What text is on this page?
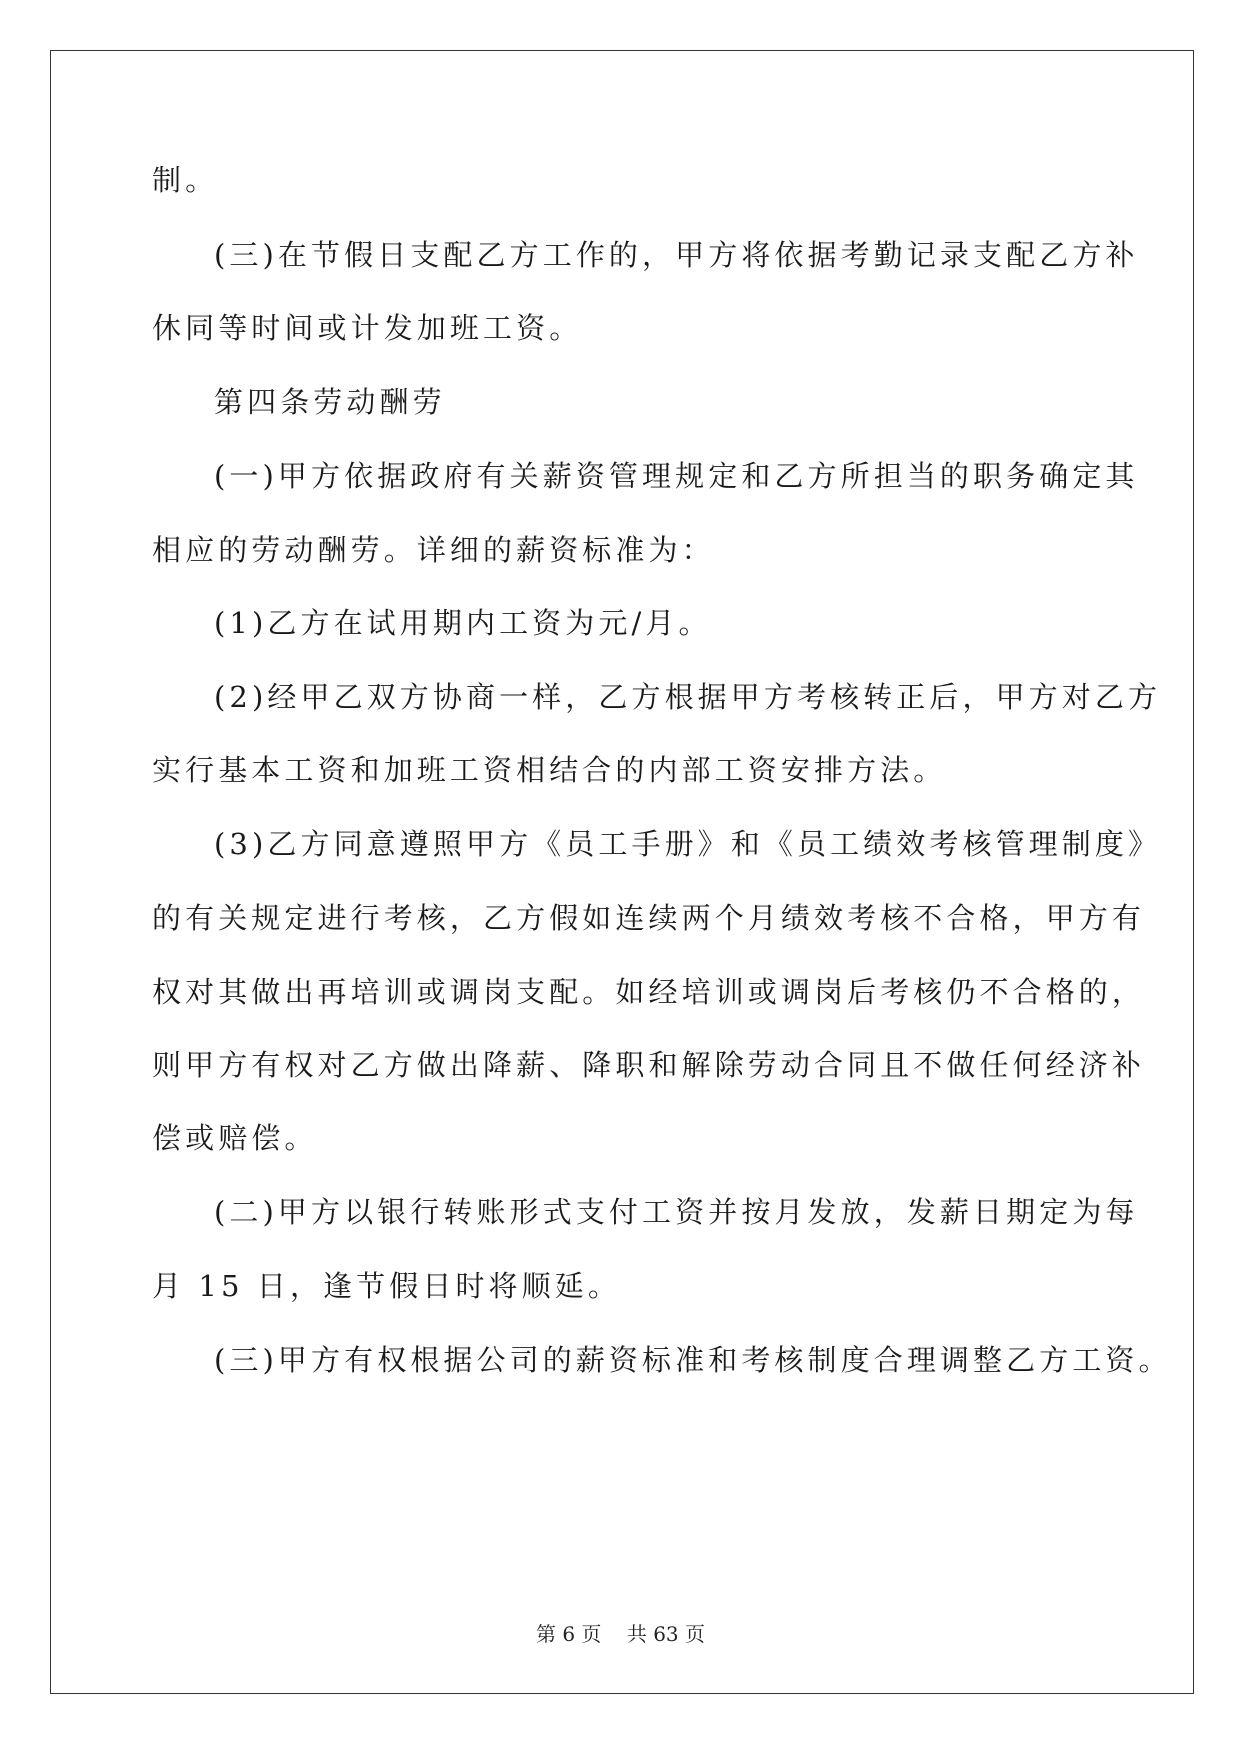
制。
(三)在节假日支配乙方工作的，甲方将依据考勤记录支配乙方补
休同等时间或计发加班工资。
第四条劳动酬劳
(一)甲方依据政府有关薪资管理规定和乙方所担当的职务确定其
相应的劳动酬劳。详细的薪资标准为：
(1)乙方在试用期内工资为元/月。
(2)经甲乙双方协商一样，乙方根据甲方考核转正后，甲方对乙方
实行基本工资和加班工资相结合的内部工资安排方法。
(3)乙方同意遵照甲方《员工手册》和《员工绩效考核管理制度》
的有关规定进行考核，乙方假如连续两个月绩效考核不合格，甲方有
权对其做出再培训或调岗支配。如经培训或调岗后考核仍不合格的，
则甲方有权对乙方做出降薪、降职和解除劳动合同且不做任何经济补
偿或赔偿。
(二)甲方以银行转账形式支付工资并按月发放，发薪日期定为每
月 15 日，逢节假日时将顺延。
(三)甲方有权根据公司的薪资标准和考核制度合理调整乙方工资。
第 6 页    共 63 页
